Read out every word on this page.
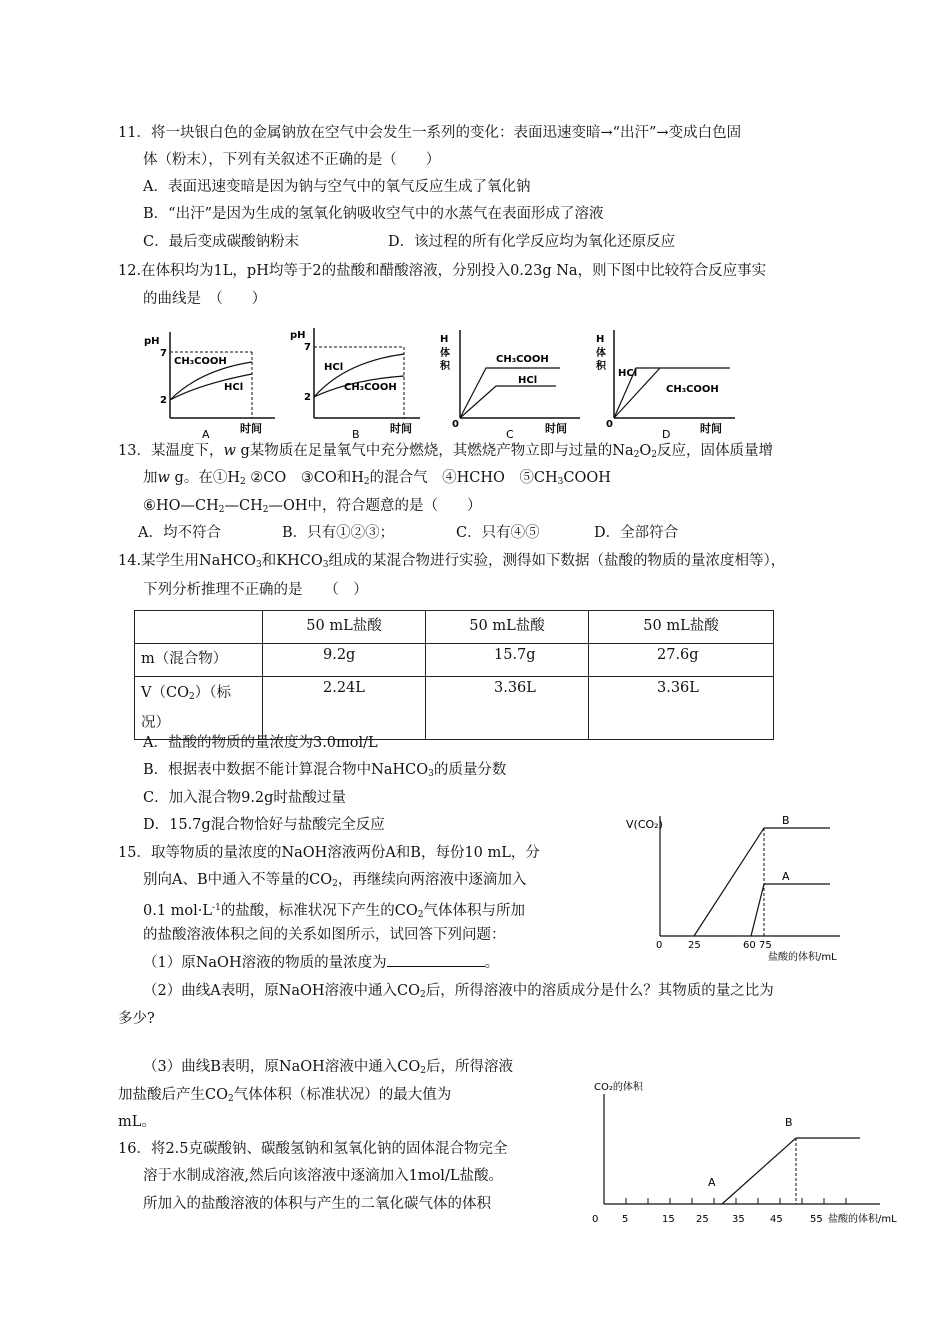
11．将一块银白色的金属钠放在空气中会发生一系列的变化：表面迅速变暗→“出汗”→变成白色固
体（粉末），下列有关叙述不正确的是（　　）
A．表面迅速变暗是因为钠与空气中的氧气反应生成了氧化钠
B．“出汗”是因为生成的氢氧化钠吸收空气中的水蒸气在表面形成了溶液
C．最后变成碳酸钠粉末	D．该过程的所有化学反应均为氧化还原反应
12.在体积均为1L，pH均等于2的盐酸和醋酸溶液，分别投入0.23g Na，则下图中比较符合反应事实
的曲线是　（　　）
pH
7
2
CH₃COOH
HCl
时间
A
pH
7
2
HCl
CH₃COOH
时间
B
H
体
积
CH₃COOH
HCl
0	时间
C
H
体
积
HCl
CH₃COOH
0	时间
D
13．某温度下，w g某物质在足量氧气中充分燃烧，其燃烧产物立即与过量的$Na_2O_2$反应，固体质量增
加w g。在$①H_2$ ②CO　③CO和$H_2$的混合气　④HCHO　$⑤CH_3COOH$
$⑥HO—CH_2—CH_2—OH$中，符合题意的是（　　）
A．均不符合	B．只有①②③；	C．只有④⑤	D．全部符合
14.某学生用NaHCO$_3$和$KHCO_3$组成的某混合物进行实验，测得如下数据（盐酸的物质的量浓度相等），
下列分析推理不正确的是　　（　）
	50 mL盐酸	50 mL盐酸	50 mL盐酸
m（混合物）	9.2g	15.7g	27.6g
$V(CO_2)$（标
况）	2.24L	3.36L	3.36L
A．盐酸的物质的量浓度为3.0mol/L
B．根据表中数据不能计算混合物中NaHCO$_3$的质量分数
C．加入混合物9.2g时盐酸过量
D．15.7g混合物恰好与盐酸完全反应
15．取等物质的量浓度的NaOH溶液两份A和B，每份10 mL，分
别向A、B中通入不等量的$CO_2$，再继续向两溶液中逐滴加入
0.1 $mol\cdot L^{-1}$的盐酸，标准状况下产生的$CO_2$气体体积与所加
的盐酸溶液体积之间的关系如图所示，试回答下列问题：
（1）原NaOH溶液的物质的量浓度为	。
（2）曲线A表明，原NaOH溶液中通入$CO_2$后，所得溶液中的溶质成分是什么？其物质的量之比为
多少?
（3）曲线B表明，原NaOH溶液中通入$CO_2$后，所得溶液
加盐酸后产生$CO_2$气体体积（标准状况）的最大值为
mL。
V(CO₂)	B
A
0	25	60 75
盐酸的体积/mL
16．将2.5克碳酸钠、碳酸氢钠和氢氧化钠的固体混合物完全
溶于水制成溶液,然后向该溶液中逐滴加入1mol/L盐酸。
所加入的盐酸溶液的体积与产生的二氧化碳气体的体积
CO₂的体积
A
B
0 5	15 25 35	45	55 盐酸的体积/mL
